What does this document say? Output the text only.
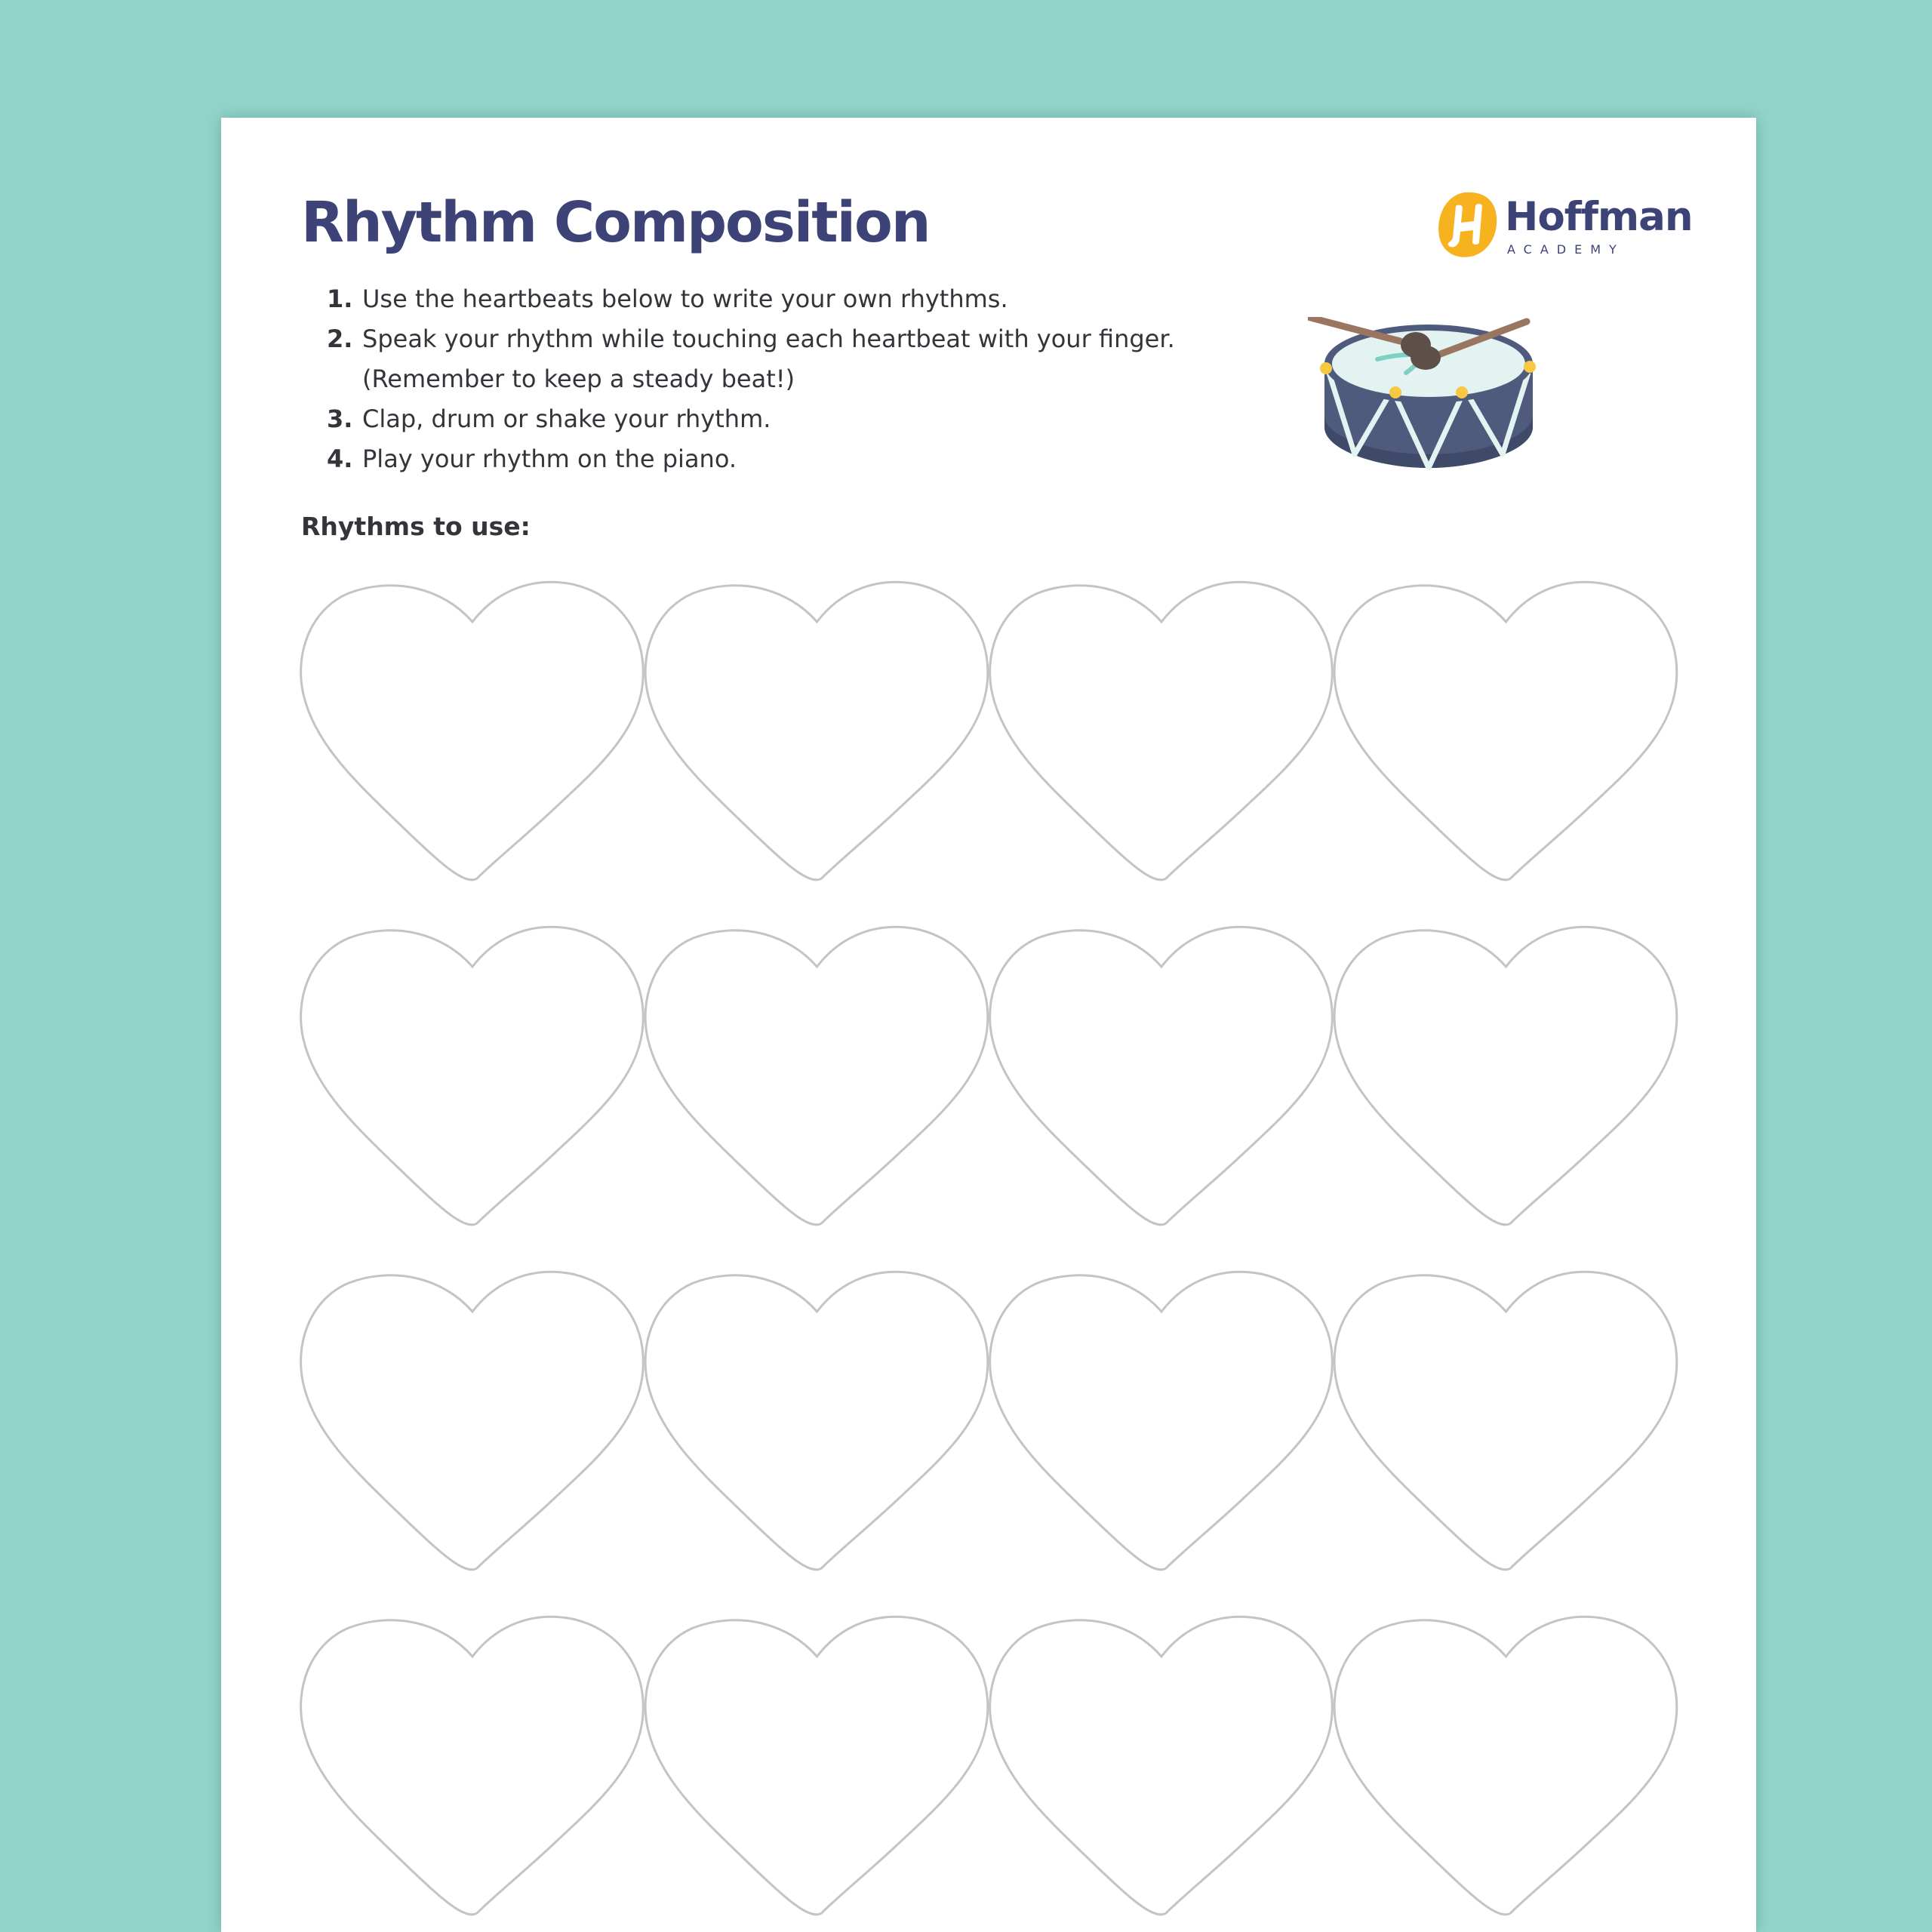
Rhythm Composition	Hoffman
ACADEMY
1. Use the heartbeats below to write your own rhythms.
2. Speak your rhythm while touching each heartbeat with your finger.
(Remember to keep a steady beat!)
3. Clap, drum or shake your rhythm.
4. Play your rhythm on the piano.
Rhythms to use:
